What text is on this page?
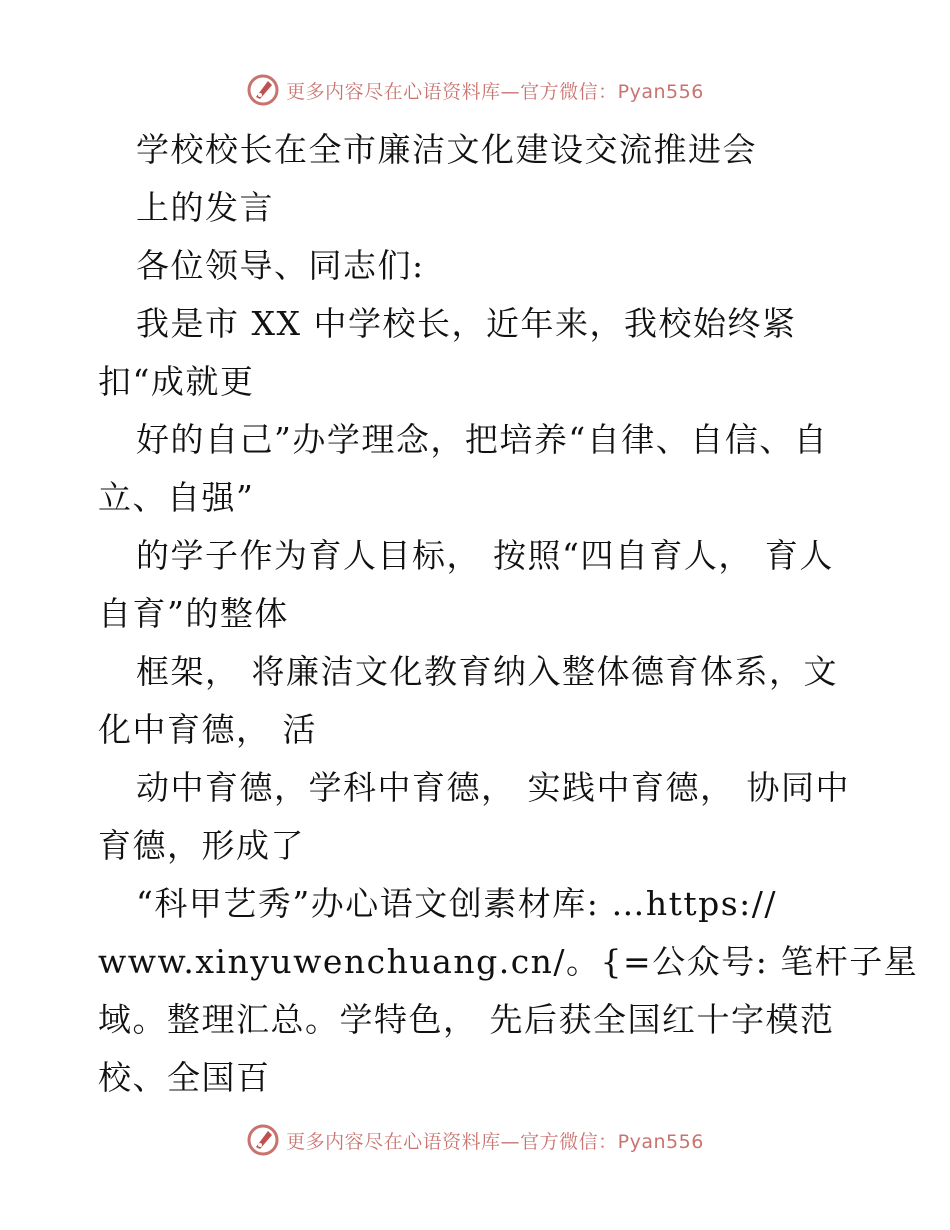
更多内容尽在心语资料库—官方微信：Pyan556
学校校长在全市廉洁文化建设交流推进会
上的发言
各位领导、同志们:
我是市 XX 中学校长，近年来，我校始终紧
扣“成就更
好的自己”办学理念，把培养“自律、自信、自
立、自强”
的学子作为育人目标， 按照“四自育人， 育人
自育”的整体
框架， 将廉洁文化教育纳入整体德育体系，文
化中育德， 活
动中育德，学科中育德， 实践中育德， 协同中
育德，形成了
“科甲艺秀”办心语文创素材库: …https://
www.xinyuwenchuang.cn/。{=公众号: 笔杆子星
域。整理汇总。学特色， 先后获全国红十字模范
校、全国百
更多内容尽在心语资料库—官方微信：Pyan556
